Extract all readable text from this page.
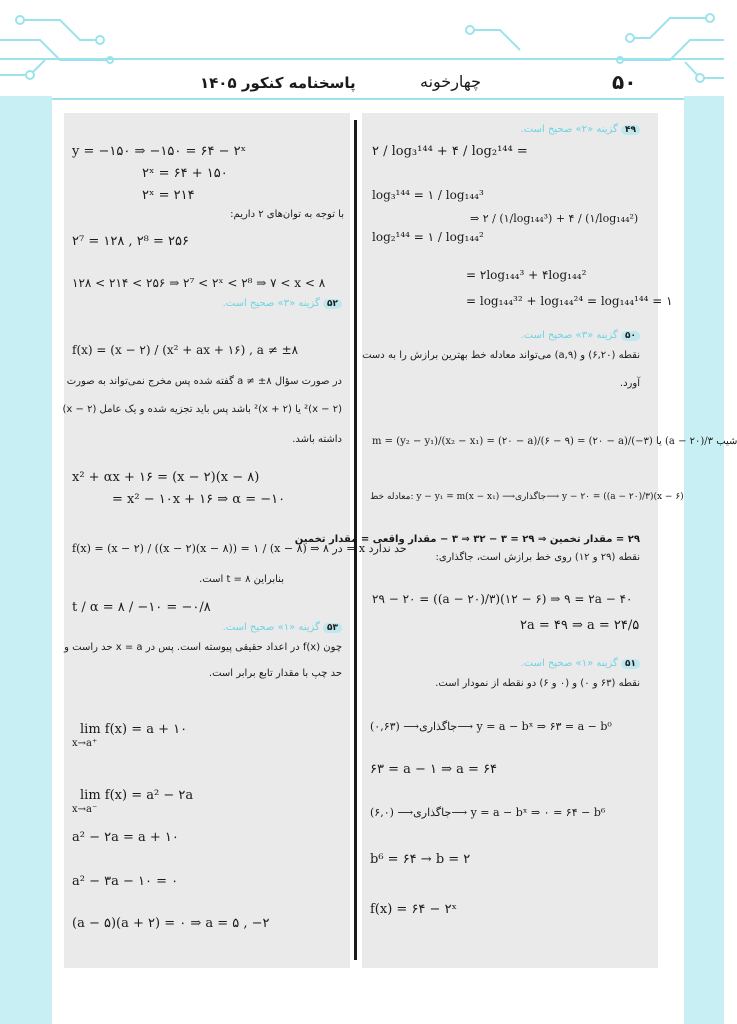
پاسخنامه کنکور ۱۴۰۵	چهارخونه	۵۰
y = −۱۵۰ ⇒ −۱۵۰ = ۶۴ − ۲ˣ
۲ˣ = ۶۴ + ۱۵۰
۲ˣ = ۲۱۴
با توجه به توان‌های ۲ داریم:
۲⁷ = ۱۲۸ , ۲⁸ = ۲۵۶
۱۲۸ < ۲۱۴ < ۲۵۶ ⇒ ۲⁷ < ۲ˣ < ۲⁸ ⇒ ۷ < x < ۸
۵۲ گزینه «۳» صحیح است.
f(x) = (x − ۲) / (x² + ax + ۱۶) , a ≠ ±۸
در صورت سؤال a ≠ ±۸ گفته شده پس مخرج نمی‌تواند به صورت
(x − ۲)² یا (x + ۲)² باشد پس باید تجزیه شده و یک عامل (x − ۲)
داشته باشد.
x² + αx + ۱۶ = (x − ۲)(x − ۸)
= x² − ۱۰x + ۱۶ ⇒ α = −۱۰
f(x) = (x − ۲) / ((x − ۲)(x − ۸)) = ۱ / (x − ۸) ⇒ در ۸ = x حد ندارد
بنابراین t = ۸ است.
t / α = ۸ / −۱۰ = −۰/۸
۵۳ گزینه «۱» صحیح است.
چون f(x) در اعداد حقیقی پیوسته است. پس در x = a حد راست و
حد چپ با مقدار تابع برابر است.
lim f(x) = a + ۱۰
x→a⁺
lim f(x) = a² − ۲a
x→a⁻
a² − ۲a = a + ۱۰
a² − ۳a − ۱۰ = ۰
(a − ۵)(a + ۲) = ۰ ⇒ a = ۵ , −۲
۴۹ گزینه «۲» صحیح است.
۲ / log₃¹⁴⁴ + ۴ / log₂¹⁴⁴ =
log₃¹⁴⁴ = ۱ / log₁₄₄³
log₂¹⁴⁴ = ۱ / log₁₄₄²
⇒ ۲ / (۱/log₁₄₄³) + ۴ / (۱/log₁₄₄²)
= ۲log₁₄₄³ + ۴log₁₄₄²
= log₁₄₄³² + log₁₄₄²⁴ = log₁₄₄¹⁴⁴ = ۱
۵۰ گزینه «۳» صحیح است.
نقطه (۶,۲۰) و (۹,a) می‌تواند معادله خط بهترین برازش را به دست
آورد.
m = (y₂ − y₁)/(x₂ − x₁) = (۲۰ − a)/(۶ − ۹) = (۲۰ − a)/(−۳) یا (a − ۲۰)/۳ شیب
معادله خط: y − y₁ = m(x − x₁) ⟶جاگذاری⟶ y − ۲۰ = ((a − ۲۰)/۳)(x − ۶)
۲۹ = مقدار تخمین ⇒ ۲۹ = ۳ − ۳۲ ⇒ ۳ − مقدار واقعی = مقدار تخمین
نقطه (۲۹ و ۱۲) روی خط برازش است، جاگذاری:
۲۹ − ۲۰ = ((a − ۲۰)/۳)(۱۲ − ۶) ⇒ ۹ = ۲a − ۴۰
۲a = ۴۹ ⇒ a = ۲۴/۵
۵۱ گزینه «۱» صحیح است.
نقطه (۶۳ و ۰) و (۰ و ۶) دو نقطه از نمودار است.
(۰,۶۳) ⟶جاگذاری⟶ y = a − bˣ ⇒ ۶۳ = a − b⁰
۶۳ = a − ۱ ⇒ a = ۶۴
(۶,۰) ⟶جاگذاری⟶ y = a − bˣ ⇒ ۰ = ۶۴ − b⁶
b⁶ = ۶۴ → b = ۲
f(x) = ۶۴ − ۲ˣ
